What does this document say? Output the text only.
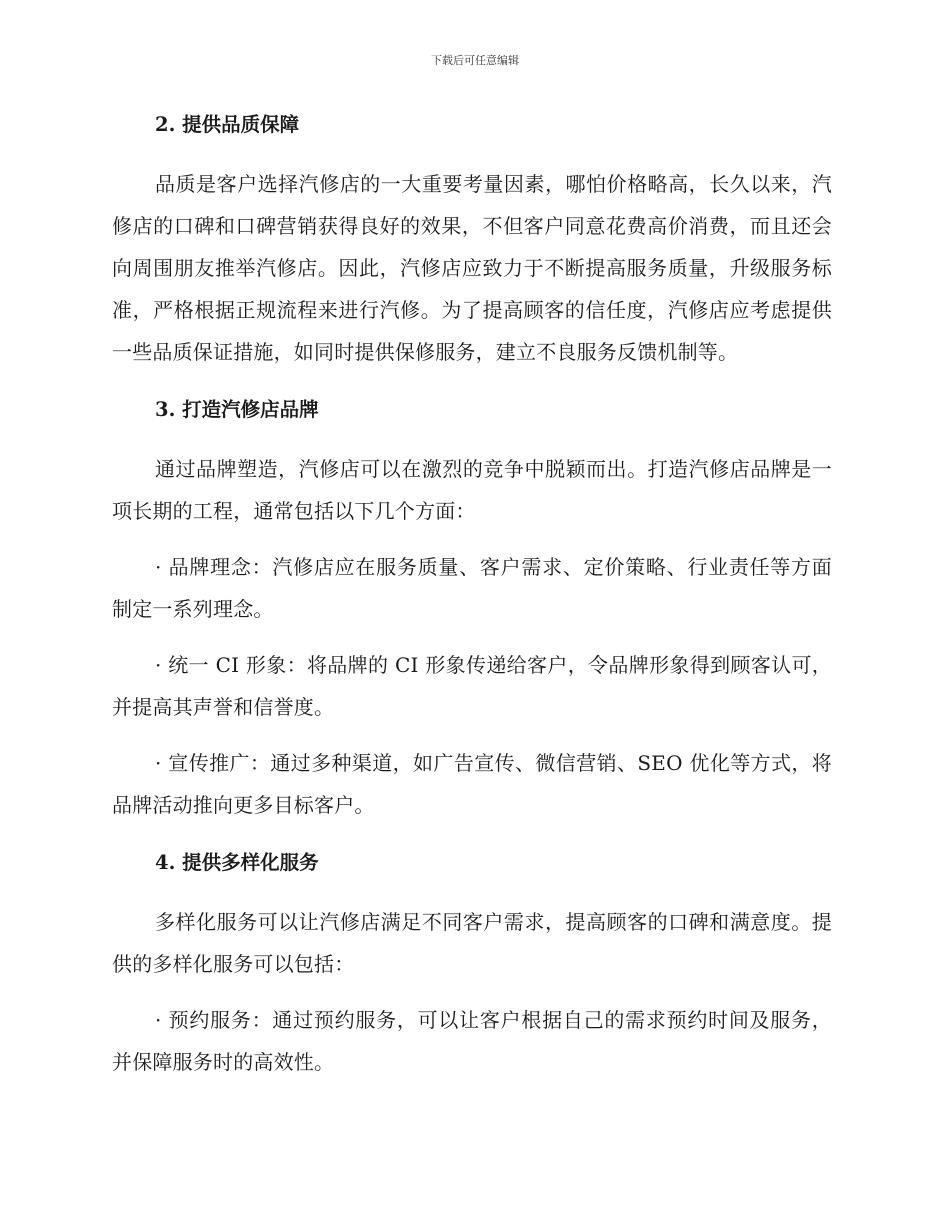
下载后可任意编辑
2. 提供品质保障

品质是客户选择汽修店的一大重要考量因素，哪怕价格略高，长久以来，汽修店的口碑和口碑营销获得良好的效果，不但客户同意花费高价消费，而且还会向周围朋友推举汽修店。因此，汽修店应致力于不断提高服务质量，升级服务标准，严格根据正规流程来进行汽修。为了提高顾客的信任度，汽修店应考虑提供一些品质保证措施，如同时提供保修服务，建立不良服务反馈机制等。

3. 打造汽修店品牌

通过品牌塑造，汽修店可以在激烈的竞争中脱颖而出。打造汽修店品牌是一项长期的工程，通常包括以下几个方面：

· 品牌理念：汽修店应在服务质量、客户需求、定价策略、行业责任等方面制定一系列理念。

· 统一 CI 形象：将品牌的 CI 形象传递给客户，令品牌形象得到顾客认可，并提高其声誉和信誉度。

· 宣传推广：通过多种渠道，如广告宣传、微信营销、SEO 优化等方式，将品牌活动推向更多目标客户。

4. 提供多样化服务

多样化服务可以让汽修店满足不同客户需求，提高顾客的口碑和满意度。提供的多样化服务可以包括：

· 预约服务：通过预约服务，可以让客户根据自己的需求预约时间及服务，并保障服务时的高效性。
